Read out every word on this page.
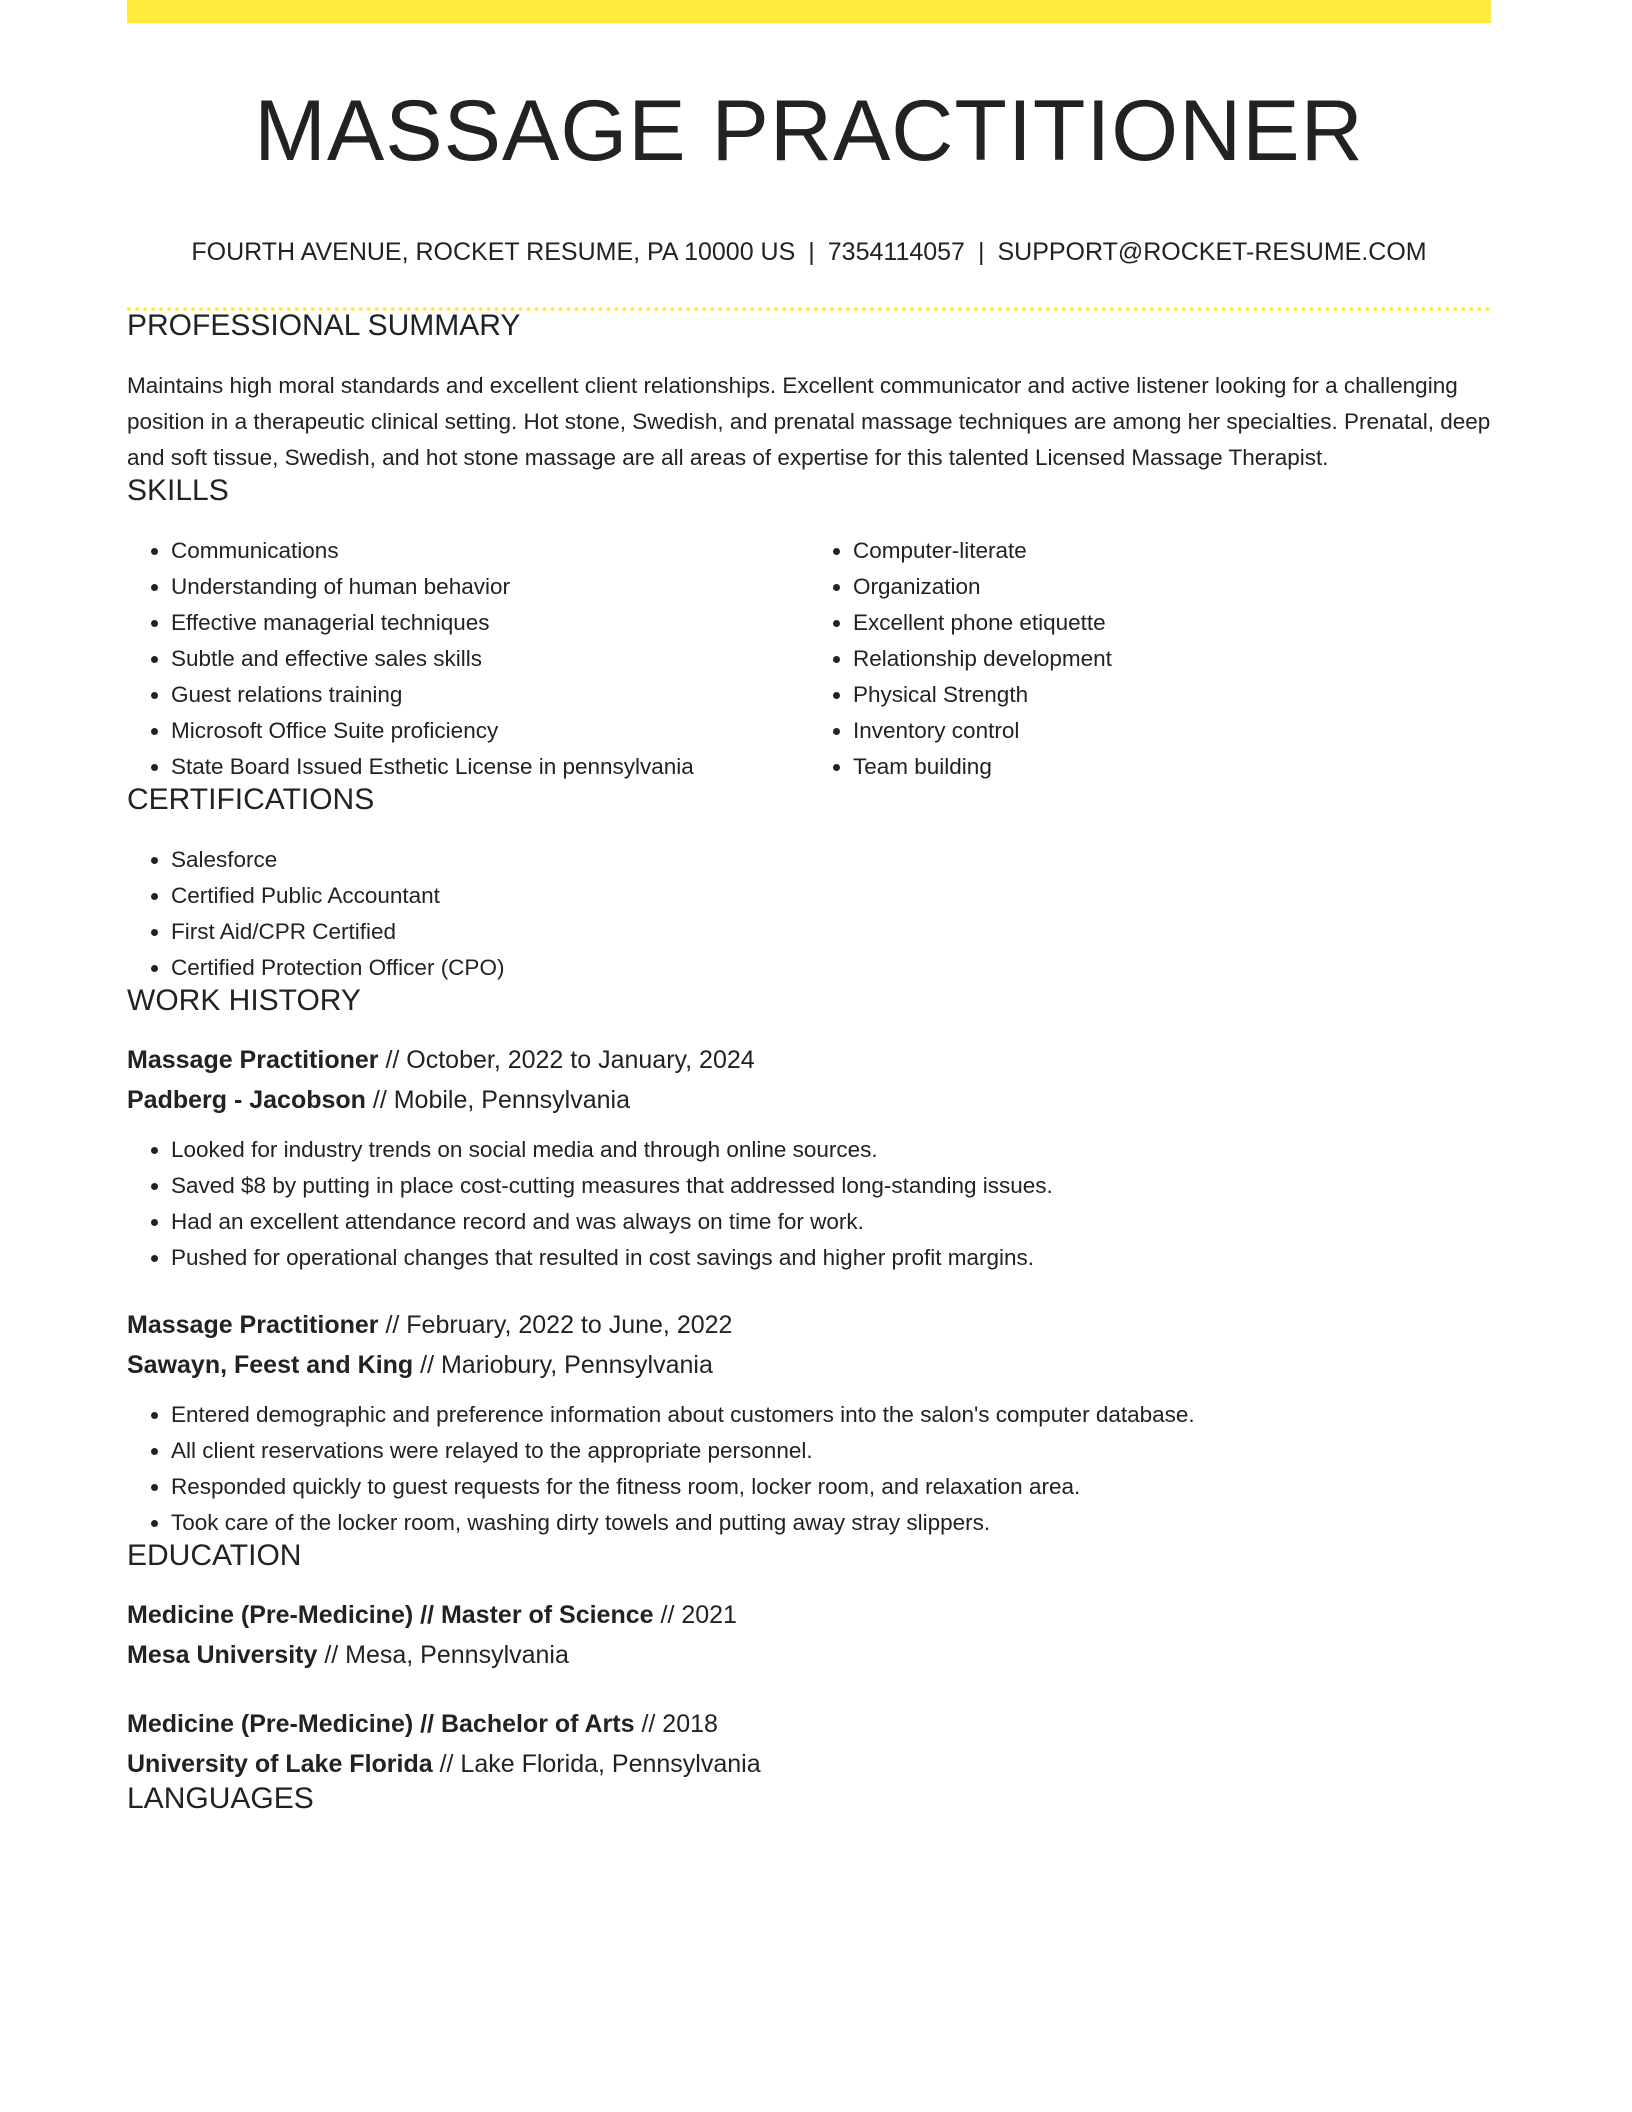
MASSAGE PRACTITIONER
FOURTH AVENUE, ROCKET RESUME, PA 10000 US | 7354114057 | SUPPORT@ROCKET-RESUME.COM
PROFESSIONAL SUMMARY

Maintains high moral standards and excellent client relationships. Excellent communicator and active listener looking for a challenging position in a therapeutic clinical setting. Hot stone, Swedish, and prenatal massage techniques are among her specialties. Prenatal, deep and soft tissue, Swedish, and hot stone massage are all areas of expertise for this talented Licensed Massage Therapist.

SKILLS
• Communications
• Understanding of human behavior
• Effective managerial techniques
• Subtle and effective sales skills
• Guest relations training
• Microsoft Office Suite proficiency
• State Board Issued Esthetic License in pennsylvania
• Computer-literate
• Organization
• Excellent phone etiquette
• Relationship development
• Physical Strength
• Inventory control
• Team building
CERTIFICATIONS
• Salesforce
• Certified Public Accountant
• First Aid/CPR Certified
• Certified Protection Officer (CPO)
WORK HISTORY
Massage Practitioner // October, 2022 to January, 2024
Padberg - Jacobson // Mobile, Pennsylvania
• Looked for industry trends on social media and through online sources.
• Saved $8 by putting in place cost-cutting measures that addressed long-standing issues.
• Had an excellent attendance record and was always on time for work.
• Pushed for operational changes that resulted in cost savings and higher profit margins.
Massage Practitioner // February, 2022 to June, 2022
Sawayn, Feest and King // Mariobury, Pennsylvania
• Entered demographic and preference information about customers into the salon's computer database.
• All client reservations were relayed to the appropriate personnel.
• Responded quickly to guest requests for the fitness room, locker room, and relaxation area.
• Took care of the locker room, washing dirty towels and putting away stray slippers.
EDUCATION
Medicine (Pre-Medicine) // Master of Science // 2021
Mesa University // Mesa, Pennsylvania
Medicine (Pre-Medicine) // Bachelor of Arts // 2018
University of Lake Florida // Lake Florida, Pennsylvania
LANGUAGES
